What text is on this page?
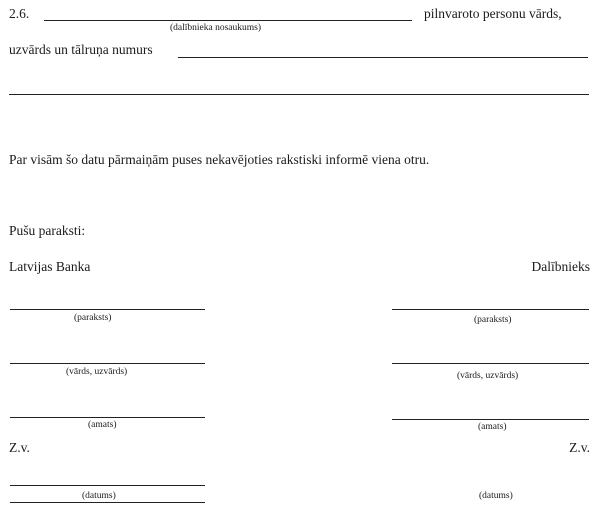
2.6.
(dalībnieka nosaukums)
pilnvaroto personu vārds,
uzvārds un tālruņa numurs
Par visām šo datu pārmaiņām puses nekavējoties rakstiski informē viena otru.
Pušu paraksti:
Latvijas Banka	Dalībnieks
(paraksts)	(paraksts)
(vārds, uzvārds)	(vārds, uzvārds)
(amats)	(amats)
Z.v.	Z.v.
(datums)	(datums)
